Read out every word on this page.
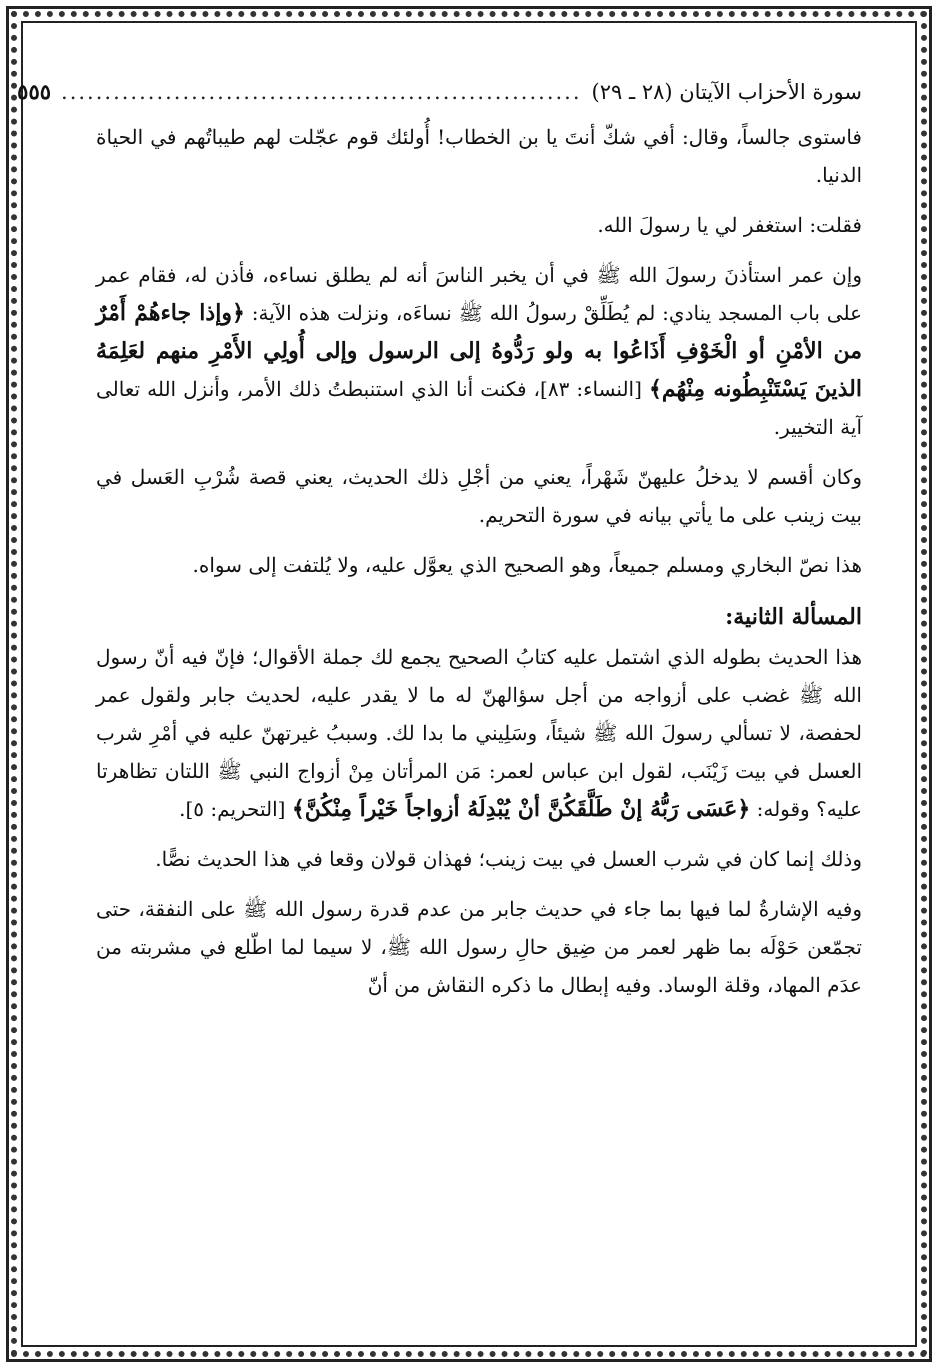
سورة الأحزاب الآيتان (٢٨ ـ ٢٩)
............................................................
٥٥٥

فاستوى جالساً، وقال: أفي شكّ أنتَ يا بن الخطاب! أُولئك قوم عجّلت لهم طيباتُهم في الحياة الدنيا.

فقلت: استغفر لي يا رسولَ الله.

وإن عمر استأذنَ رسولَ الله ﷺ في أن يخبر الناسَ أنه لم يطلق نساءه، فأذن له، فقام عمر على باب المسجد ينادي: لم يُطَلِّقْ رسولُ الله ﷺ نساءَه، ونزلت هذه الآية: ﴿وإذا جاءهُمْ أَمْرٌ من الأمْنِ أو الْخَوْفِ أَذَاعُوا به ولو رَدُّوهُ إلى الرسول وإلى أُولِي الأَمْرِ منهم لعَلِمَهُ الذينَ يَسْتَنْبِطُونه مِنْهُم﴾ [النساء: ٨٣]، فكنت أنا الذي استنبطتُ ذلك الأمر، وأنزل الله تعالى آية التخيير.

وكان أقسم لا يدخلُ عليهنّ شَهْراً، يعني من أجْلِ ذلك الحديث، يعني قصة شُرْبِ العَسل في بيت زينب على ما يأتي بيانه في سورة التحريم.

هذا نصّ البخاري ومسلم جميعاً، وهو الصحيح الذي يعوَّل عليه، ولا يُلتفت إلى سواه.

المسألة الثانية:

هذا الحديث بطوله الذي اشتمل عليه كتابُ الصحيح يجمع لك جملة الأقوال؛ فإنّ فيه أنّ رسول الله ﷺ غضب على أزواجه من أجل سؤالهنّ له ما لا يقدر عليه، لحديث جابر ولقول عمر لحفصة، لا تسألي رسولَ الله ﷺ شيئاً، وسَلِيني ما بدا لك. وسببُ غيرتهنّ عليه في أمْرِ شرب العسل في بيت زَيْنَب، لقول ابن عباس لعمر: مَن المرأتان مِنْ أزواج النبي ﷺ اللتان تظاهرتا عليه؟ وقوله: ﴿عَسَى رَبُّهُ إنْ طَلَّقَكُنَّ أنْ يُبْدِلَهُ أزواجاً خَيْراً مِنْكُنَّ﴾ [التحريم: ٥].

وذلك إنما كان في شرب العسل في بيت زينب؛ فهذان قولان وقعا في هذا الحديث نصًّا.

وفيه الإشارةُ لما فيها بما جاء في حديث جابر من عدم قدرة رسول الله ﷺ على النفقة، حتى تجمّعن حَوْلَه بما ظهر لعمر من ضِيق حالِ رسول الله ﷺ، لا سيما لما اطّلع في مشربته من عدَم المهاد، وقلة الوساد. وفيه إبطال ما ذكره النقاش من أنّ
